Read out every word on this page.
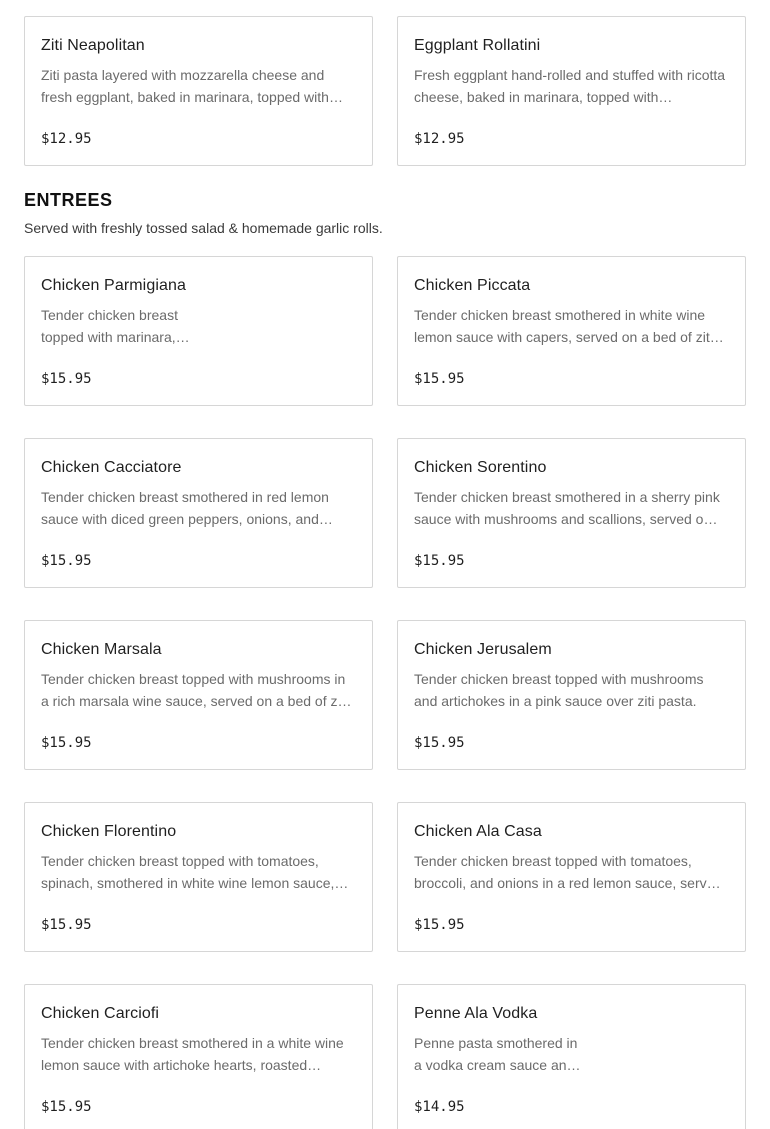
Ziti Neapolitan
Ziti pasta layered with mozzarella cheese and fresh eggplant, baked in marinara, topped with…
$12.95
Eggplant Rollatini
Fresh eggplant hand-rolled and stuffed with ricotta cheese, baked in marinara, topped with…
$12.95
ENTREES
Served with freshly tossed salad & homemade garlic rolls.
Chicken Parmigiana
Tender chicken breast
topped with marinara,…
$15.95
Chicken Piccata
Tender chicken breast smothered in white wine lemon sauce with capers, served on a bed of zit…
$15.95
Chicken Cacciatore
Tender chicken breast smothered in red lemon sauce with diced green peppers, onions, and…
$15.95
Chicken Sorentino
Tender chicken breast smothered in a sherry pink sauce with mushrooms and scallions, served o…
$15.95
Chicken Marsala
Tender chicken breast topped with mushrooms in a rich marsala wine sauce, served on a bed of z…
$15.95
Chicken Jerusalem
Tender chicken breast topped with mushrooms and artichokes in a pink sauce over ziti pasta.
$15.95
Chicken Florentino
Tender chicken breast topped with tomatoes, spinach, smothered in white wine lemon sauce,…
$15.95
Chicken Ala Casa
Tender chicken breast topped with tomatoes, broccoli, and onions in a red lemon sauce, serv…
$15.95
Chicken Carciofi
Tender chicken breast smothered in a white wine lemon sauce with artichoke hearts, roasted…
$15.95
Penne Ala Vodka
Penne pasta smothered in
a vodka cream sauce an…
$14.95
